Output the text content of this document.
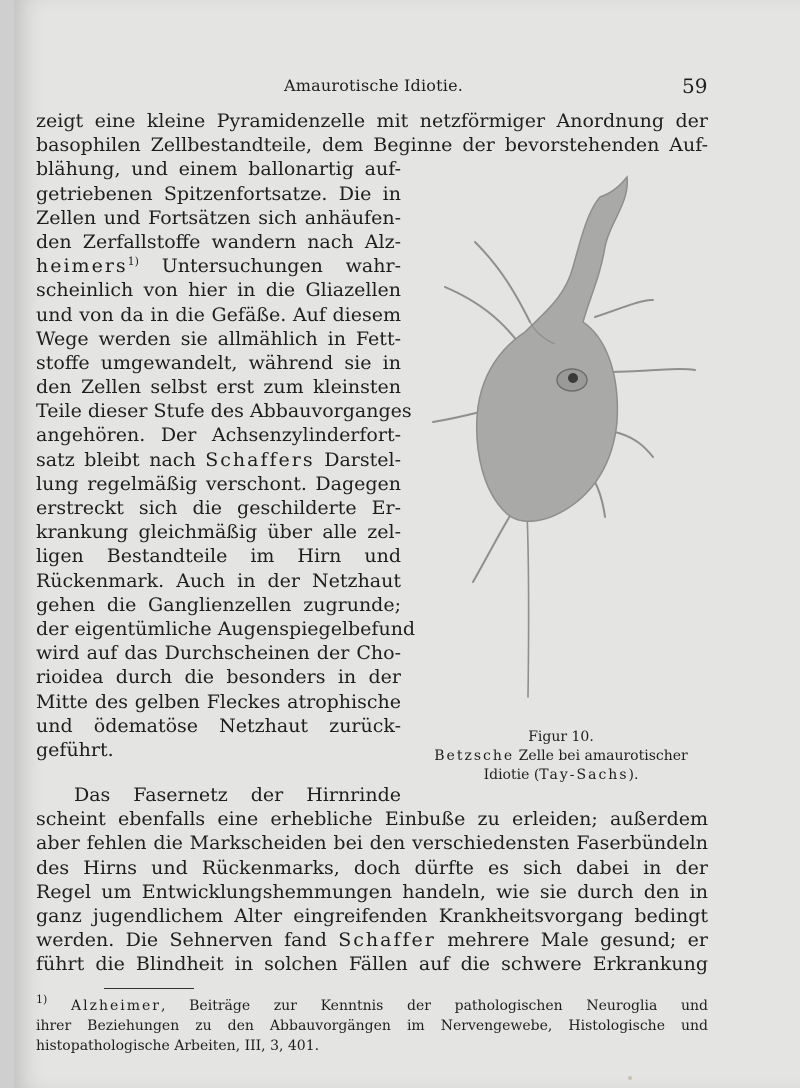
Amaurotische Idiotie.	59
zeigt eine kleine Pyramidenzelle mit netzförmiger Anordnung der
basophilen Zellbestandteile, dem Beginne der bevorstehenden Auf-
blähung, und einem ballonartig auf-
getriebenen Spitzenfortsatze. Die in
Zellen und Fortsätzen sich anhäufen-
den Zerfallstoffe wandern nach Alz-
heimers$^{1)}$ Untersuchungen wahr-
scheinlich von hier in die Gliazellen
und von da in die Gefäße. Auf diesem
Wege werden sie allmählich in Fett-
stoffe umgewandelt, während sie in
den Zellen selbst erst zum kleinsten
Teile dieser Stufe des Abbauvorganges
angehören. Der Achsenzylinderfort-
satz bleibt nach Schaffers Darstel-
lung regelmäßig verschont. Dagegen
erstreckt sich die geschilderte Er-
krankung gleichmäßig über alle zel-
ligen Bestandteile im Hirn und
Rückenmark. Auch in der Netzhaut
gehen die Ganglienzellen zugrunde;
der eigentümliche Augenspiegelbefund
wird auf das Durchscheinen der Cho-
rioidea durch die besonders in der
Mitte des gelben Fleckes atrophische
und ödematöse Netzhaut zurück-
geführt.
Das Fasernetz der Hirnrinde
scheint ebenfalls eine erhebliche Einbuße zu erleiden; außerdem
aber fehlen die Markscheiden bei den verschiedensten Faserbündeln
des Hirns und Rückenmarks, doch dürfte es sich dabei in der
Regel um Entwicklungshemmungen handeln, wie sie durch den in
ganz jugendlichem Alter eingreifenden Krankheitsvorgang bedingt
werden. Die Sehnerven fand Schaffer mehrere Male gesund; er
führt die Blindheit in solchen Fällen auf die schwere Erkrankung
Figur 10.
Betzsche Zelle bei amaurotischer
Idiotie (Tay-Sachs).
$^{1)}$ Alzheimer, Beiträge zur Kenntnis der pathologischen Neuroglia und
ihrer Beziehungen zu den Abbauvorgängen im Nervengewebe, Histologische und
histopathologische Arbeiten, III, 3, 401.
